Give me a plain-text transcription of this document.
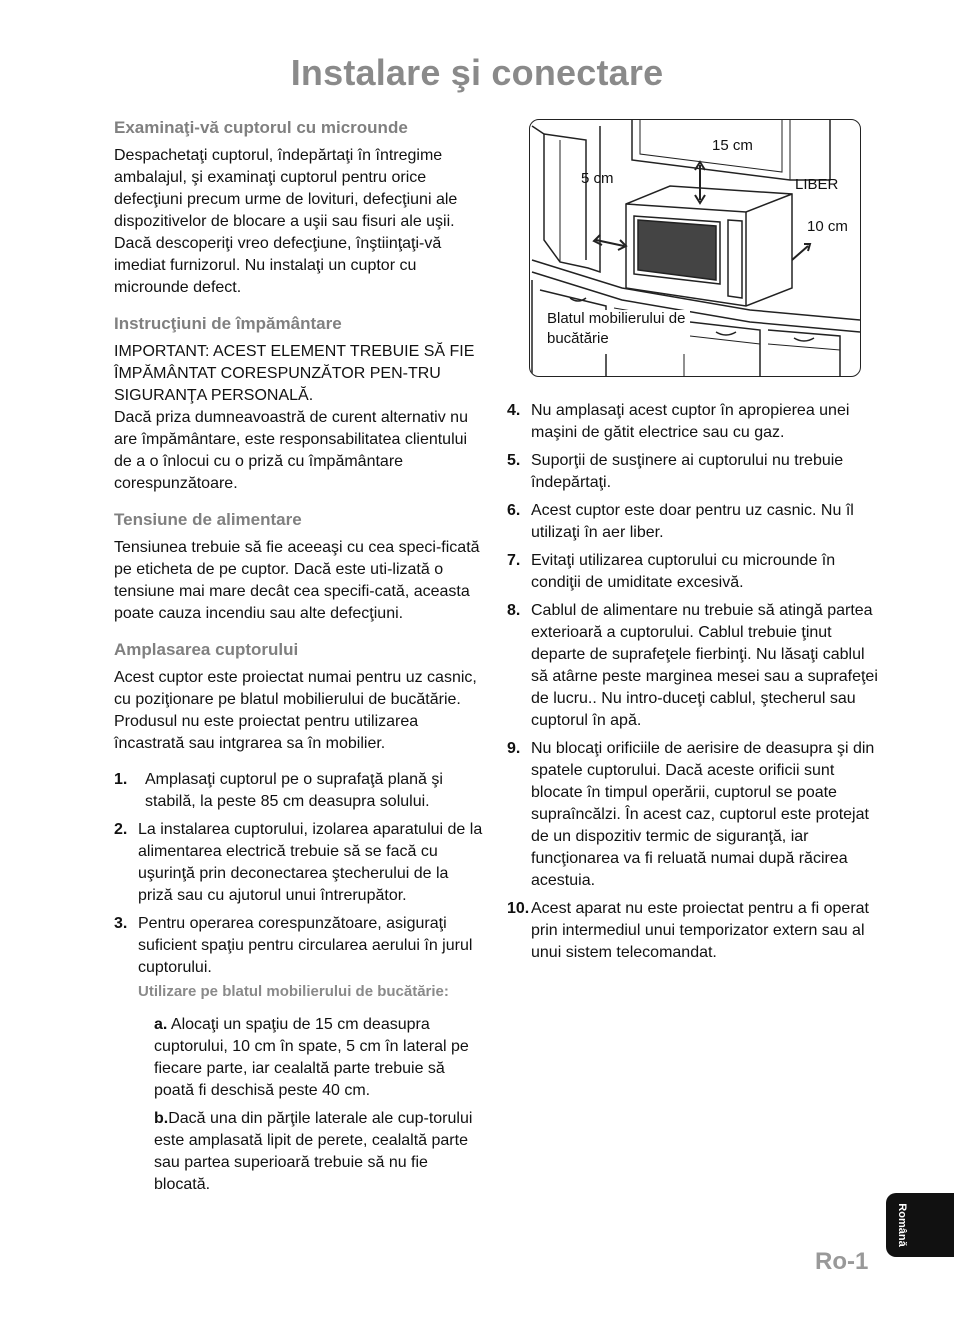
Instalare şi conectare
Examinaţi-vă cuptorul cu microunde

Despachetaţi cuptorul, îndepărtaţi în întregime ambalajul, şi examinaţi cuptorul pentru orice defecţiuni precum urme de lovituri, defecţiuni ale dispozitivelor de blocare a uşii sau fisuri ale uşii. Dacă descoperiţi vreo defecţiune, înştiinţaţi-vă imediat furnizorul. Nu instalaţi un cuptor cu microunde defect.

Instrucţiuni de împământare

IMPORTANT: ACEST ELEMENT TREBUIE SĂ FIE ÎMPĂMÂNTAT CORESPUNZĂTOR PEN-TRU SIGURANŢA PERSONALĂ.

Dacă priza dumneavoastră de curent alternativ nu are împământare, este responsabilitatea clientului de a o înlocui cu o priză cu împământare corespunzătoare.

Tensiune de alimentare

Tensiunea trebuie să fie aceeaşi cu cea speci-ficată pe eticheta de pe cuptor. Dacă este uti-lizată o tensiune mai mare decât cea specifi-cată, aceasta poate cauza incendiu sau alte defecţiuni.

Amplasarea cuptorului

Acest cuptor este proiectat numai pentru uz casnic, cu poziţionare pe blatul mobilierului de bucătărie. Produsul nu este proiectat pentru utilizarea încastrată sau intgrarea sa în mobilier.

1.	Amplasaţi cuptorul pe o suprafaţă plană şi stabilă, la peste 85 cm deasupra solului.
2. La instalarea cuptorului, izolarea aparatului de la alimentarea electrică trebuie să se facă cu uşurinţă prin deconectarea ştecherului de la priză sau cu ajutorul unui întrerupător.
3. Pentru operarea corespunzătoare, asiguraţi suficient spaţiu pentru circularea aerului în jurul cuptorului.
Utilizare pe blatul mobilierului de bucătărie:

a. Alocaţi un spaţiu de 15 cm deasupra cuptorului, 10 cm în spate, 5 cm în lateral pe fiecare parte, iar cealaltă parte trebuie să poată fi deschisă peste 40 cm.

b.Dacă una din părţile laterale ale cup-torului este amplasată lipit de perete, cealaltă parte sau partea superioară trebuie să nu fie blocată.

15 cm
5 cm	LIBER
10 cm
Blatul mobilierului de bucătărie
4. Nu amplasaţi acest cuptor în apropierea unei maşini de gătit electrice sau cu gaz.
5. Suporţii de susţinere ai cuptorului nu trebuie îndepărtaţi.
6. Acest cuptor este doar pentru uz casnic. Nu îl utilizaţi în aer liber.
7. Evitaţi utilizarea cuptorului cu microunde în condiţii de umiditate excesivă.
8. Cablul de alimentare nu trebuie să atingă partea exterioară a cuptorului. Cablul trebuie ţinut departe de suprafeţele fierbinţi. Nu lăsaţi cablul să atârne peste marginea mesei sau a suprafeţei de lucru.. Nu intro-duceţi cablul, ştecherul sau cuptorul în apă.
9. Nu blocaţi orificiile de aerisire de deasupra şi din spatele cuptorului. Dacă aceste orificii sunt blocate în timpul operării, cuptorul se poate supraîncălzi. În acest caz, cuptorul este protejat de un dispozitiv termic de siguranţă, iar funcţionarea va fi reluată numai după răcirea acestuia.
10. Acest aparat nu este proiectat pentru a fi operat prin intermediul unui temporizator extern sau al unui sistem telecomandat.
Română
Ro-1
